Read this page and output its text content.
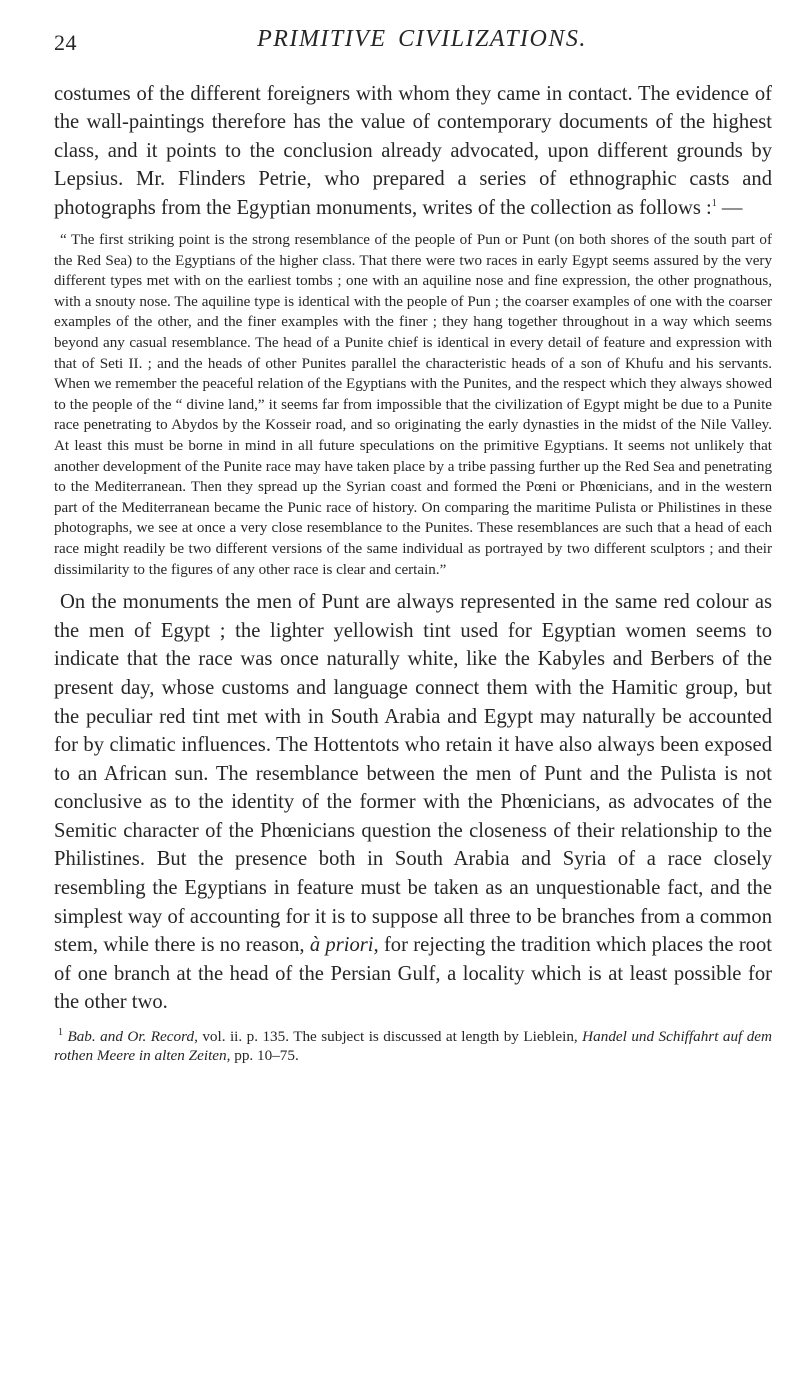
24	PRIMITIVE CIVILIZATIONS.

costumes of the different foreigners with whom they came in contact. The evidence of the wall-paintings therefore has the value of contemporary documents of the highest class, and it points to the conclusion already advocated, upon different grounds by Lepsius. Mr. Flinders Petrie, who prepared a series of ethnographic casts and photographs from the Egyptian monuments, writes of the collection as follows :$^1$ —

“ The first striking point is the strong resemblance of the people of Pun or Punt (on both shores of the south part of the Red Sea) to the Egyptians of the higher class. That there were two races in early Egypt seems assured by the very different types met with on the earliest tombs ; one with an aquiline nose and fine expression, the other prognathous, with a snouty nose. The aquiline type is identical with the people of Pun ; the coarser examples of one with the coarser examples of the other, and the finer examples with the finer ; they hang together throughout in a way which seems beyond any casual resemblance. The head of a Punite chief is identical in every detail of feature and expression with that of Seti II. ; and the heads of other Punites parallel the characteristic heads of a son of Khufu and his servants. When we remember the peaceful relation of the Egyptians with the Punites, and the respect which they always showed to the people of the “ divine land,” it seems far from impossible that the civilization of Egypt might be due to a Punite race penetrating to Abydos by the Kosseir road, and so originating the early dynasties in the midst of the Nile Valley. At least this must be borne in mind in all future speculations on the primitive Egyptians. It seems not unlikely that another development of the Punite race may have taken place by a tribe passing further up the Red Sea and penetrating to the Mediterranean. Then they spread up the Syrian coast and formed the Pœni or Phœnicians, and in the western part of the Mediterranean became the Punic race of history. On comparing the maritime Pulista or Philistines in these photographs, we see at once a very close resemblance to the Punites. These resemblances are such that a head of each race might readily be two different versions of the same individual as portrayed by two different sculptors ; and their dissimilarity to the figures of any other race is clear and certain.”

On the monuments the men of Punt are always represented in the same red colour as the men of Egypt ; the lighter yellowish tint used for Egyptian women seems to indicate that the race was once naturally white, like the Kabyles and Berbers of the present day, whose customs and language connect them with the Hamitic group, but the peculiar red tint met with in South Arabia and Egypt may naturally be accounted for by climatic influences. The Hottentots who retain it have also always been exposed to an African sun. The resemblance between the men of Punt and the Pulista is not conclusive as to the identity of the former with the Phœnicians, as advocates of the Semitic character of the Phœnicians question the closeness of their relationship to the Philistines. But the presence both in South Arabia and Syria of a race closely resembling the Egyptians in feature must be taken as an unquestionable fact, and the simplest way of accounting for it is to suppose all three to be branches from a common stem, while there is no reason, à priori, for rejecting the tradition which places the root of one branch at the head of the Persian Gulf, a locality which is at least possible for the other two.

$^1$ Bab. and Or. Record, vol. ii. p. 135. The subject is discussed at length by Lieblein, Handel und Schiffahrt auf dem rothen Meere in alten Zeiten, pp. 10–75.
